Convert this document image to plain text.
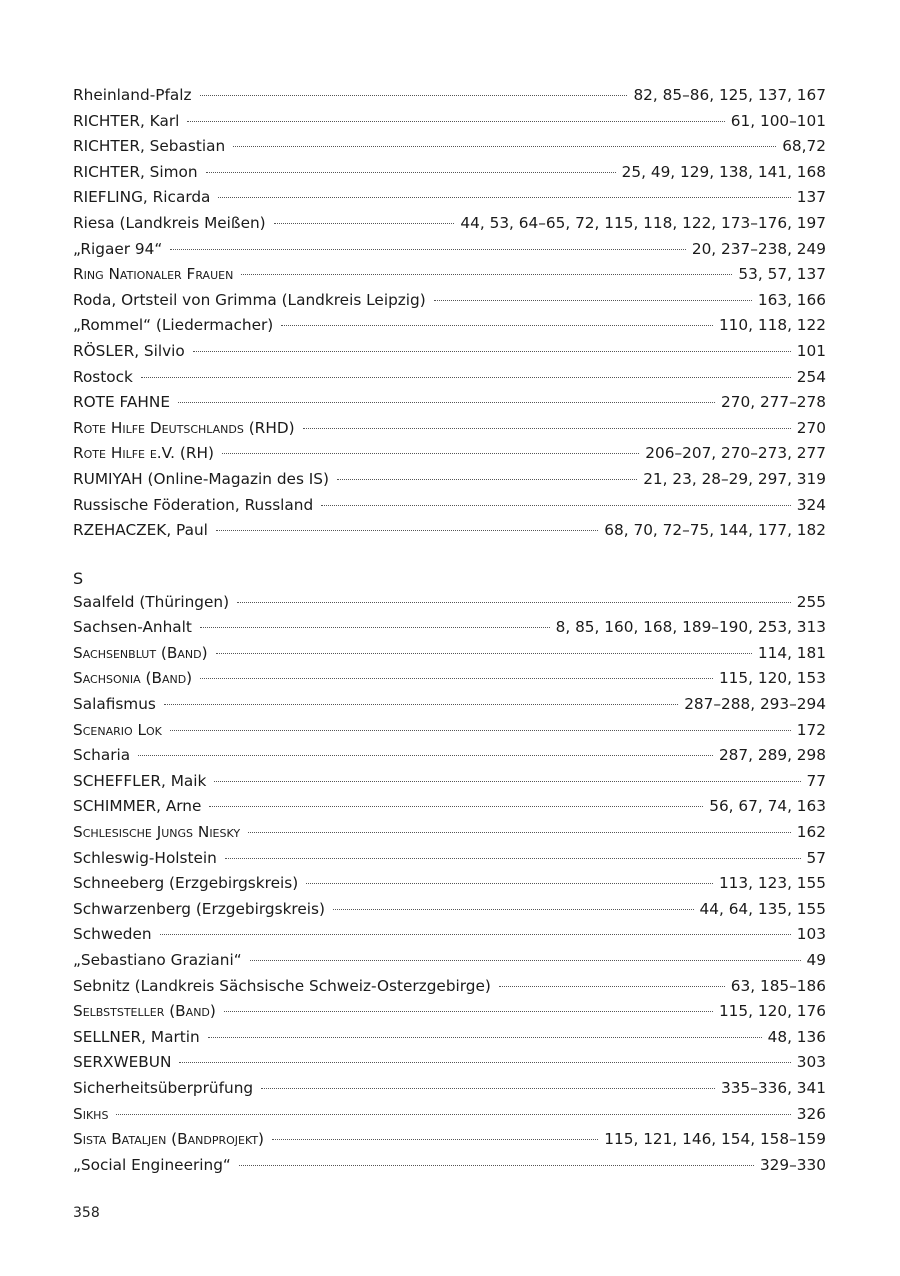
Rheinland-Pfalz	82, 85–86, 125, 137, 167
RICHTER, Karl	61, 100–101
RICHTER, Sebastian	68,72
RICHTER, Simon	25, 49, 129, 138, 141, 168
RIEFLING, Ricarda	137
Riesa (Landkreis Meißen)	44, 53, 64–65, 72, 115, 118, 122, 173–176, 197
„Rigaer 94“	20, 237–238, 249
Ring Nationaler Frauen	53, 57, 137
Roda, Ortsteil von Grimma (Landkreis Leipzig)	163, 166
„Rommel“ (Liedermacher)	110, 118, 122
RÖSLER, Silvio	101
Rostock	254
ROTE FAHNE	270, 277–278
Rote Hilfe Deutschlands (RHD)	270
Rote Hilfe e.V. (RH)	206–207, 270–273, 277
RUMIYAH (Online-Magazin des IS)	21, 23, 28–29, 297, 319
Russische Föderation, Russland	324
RZEHACZEK, Paul	68, 70, 72–75, 144, 177, 182
S
Saalfeld (Thüringen)	255
Sachsen-Anhalt	8, 85, 160, 168, 189–190, 253, 313
Sachsenblut (Band)	114, 181
Sachsonia (Band)	115, 120, 153
Salafismus	287–288, 293–294
Scenario Lok	172
Scharia	287, 289, 298
SCHEFFLER, Maik	77
SCHIMMER, Arne	56, 67, 74, 163
Schlesische Jungs Niesky	162
Schleswig-Holstein	57
Schneeberg (Erzgebirgskreis)	113, 123, 155
Schwarzenberg (Erzgebirgskreis)	44, 64, 135, 155
Schweden	103
„Sebastiano Graziani“	49
Sebnitz (Landkreis Sächsische Schweiz-Osterzgebirge)	63, 185–186
Selbststeller (Band)	115, 120, 176
SELLNER, Martin	48, 136
SERXWEBUN	303
Sicherheitsüberprüfung	335–336, 341
Sikhs	326
Sista Bataljen (Bandprojekt)	115, 121, 146, 154, 158–159
„Social Engineering“	329–330
358
